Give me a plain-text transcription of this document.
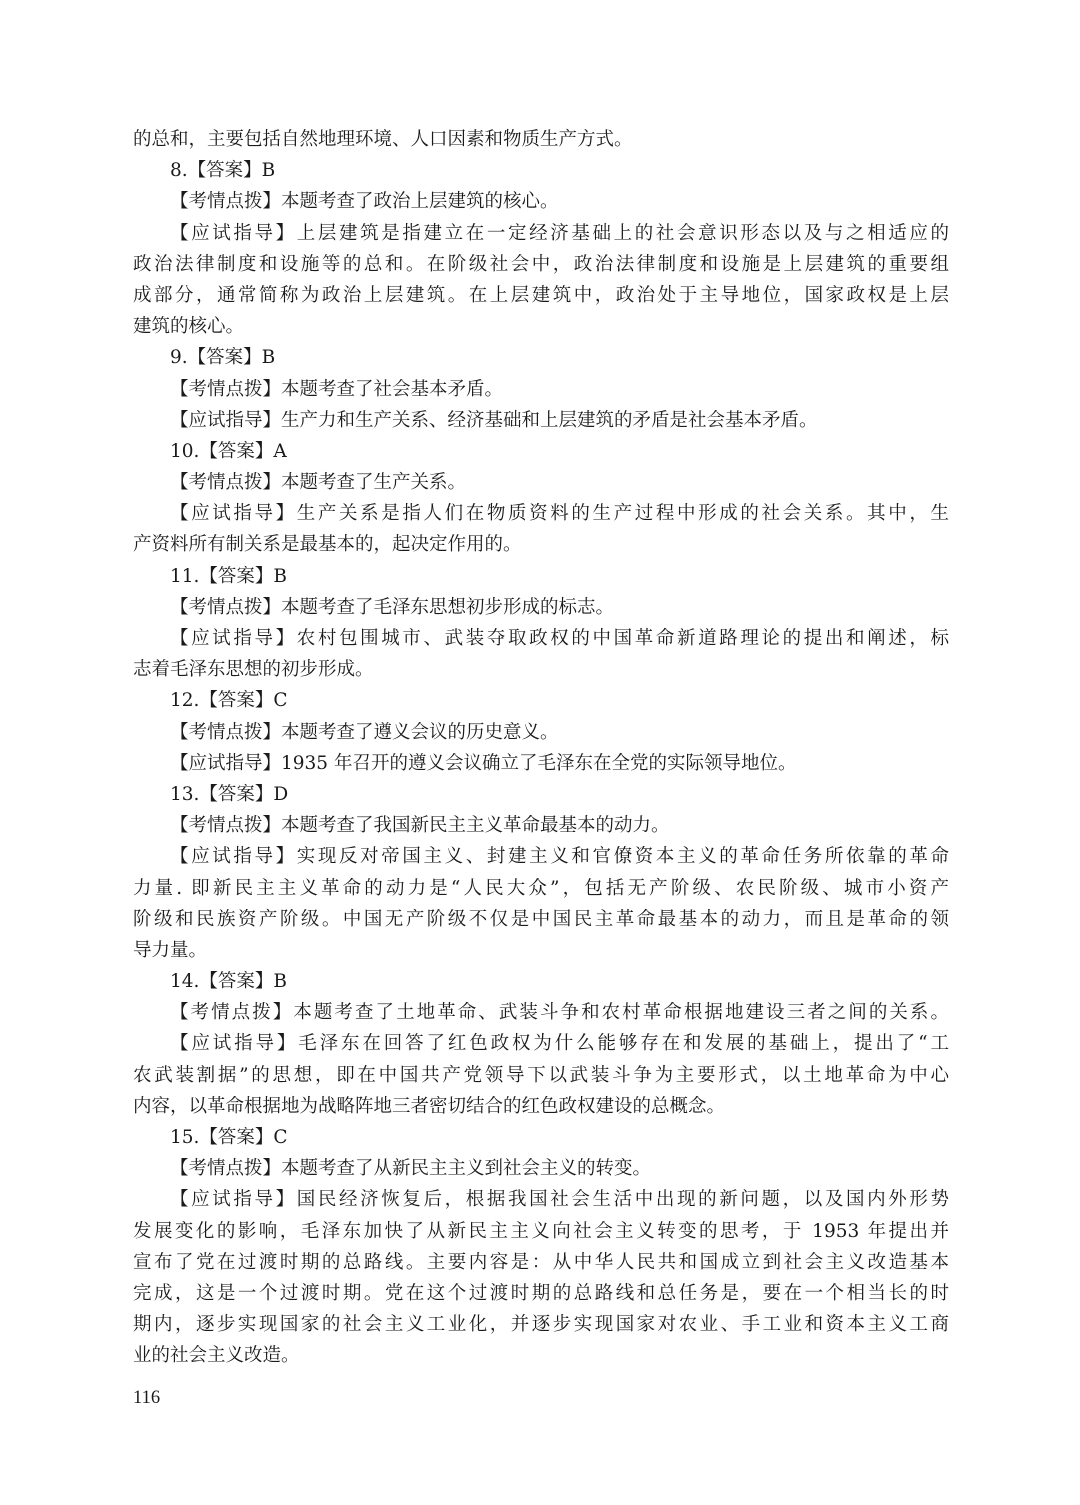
的总和，主要包括自然地理环境、人口因素和物质生产方式。
8.【答案】B
【考情点拨】本题考查了政治上层建筑的核心。
【应试指导】上层建筑是指建立在一定经济基础上的社会意识形态以及与之相适应的
政治法律制度和设施等的总和。在阶级社会中，政治法律制度和设施是上层建筑的重要组
成部分，通常简称为政治上层建筑。在上层建筑中，政治处于主导地位，国家政权是上层
建筑的核心。
9.【答案】B
【考情点拨】本题考查了社会基本矛盾。
【应试指导】生产力和生产关系、经济基础和上层建筑的矛盾是社会基本矛盾。
10.【答案】A
【考情点拨】本题考查了生产关系。
【应试指导】生产关系是指人们在物质资料的生产过程中形成的社会关系。其中，生
产资料所有制关系是最基本的，起决定作用的。
11.【答案】B
【考情点拨】本题考查了毛泽东思想初步形成的标志。
【应试指导】农村包围城市、武装夺取政权的中国革命新道路理论的提出和阐述，标
志着毛泽东思想的初步形成。
12.【答案】C
【考情点拨】本题考查了遵义会议的历史意义。
【应试指导】1935 年召开的遵义会议确立了毛泽东在全党的实际领导地位。
13.【答案】D
【考情点拨】本题考查了我国新民主主义革命最基本的动力。
【应试指导】实现反对帝国主义、封建主义和官僚资本主义的革命任务所依靠的革命
力量. 即新民主主义革命的动力是“人民大众”，包括无产阶级、农民阶级、城市小资产
阶级和民族资产阶级。中国无产阶级不仅是中国民主革命最基本的动力，而且是革命的领
导力量。
14.【答案】B
【考情点拨】本题考查了土地革命、武装斗争和农村革命根据地建设三者之间的关系。
【应试指导】毛泽东在回答了红色政权为什么能够存在和发展的基础上，提出了“工
农武装割据”的思想，即在中国共产党领导下以武装斗争为主要形式，以土地革命为中心
内容，以革命根据地为战略阵地三者密切结合的红色政权建设的总概念。
15.【答案】C
【考情点拨】本题考查了从新民主主义到社会主义的转变。
【应试指导】国民经济恢复后，根据我国社会生活中出现的新问题，以及国内外形势
发展变化的影响，毛泽东加快了从新民主主义向社会主义转变的思考，于 1953 年提出并
宣布了党在过渡时期的总路线。主要内容是：从中华人民共和国成立到社会主义改造基本
完成，这是一个过渡时期。党在这个过渡时期的总路线和总任务是，要在一个相当长的时
期内，逐步实现国家的社会主义工业化，并逐步实现国家对农业、手工业和资本主义工商
业的社会主义改造。
116
